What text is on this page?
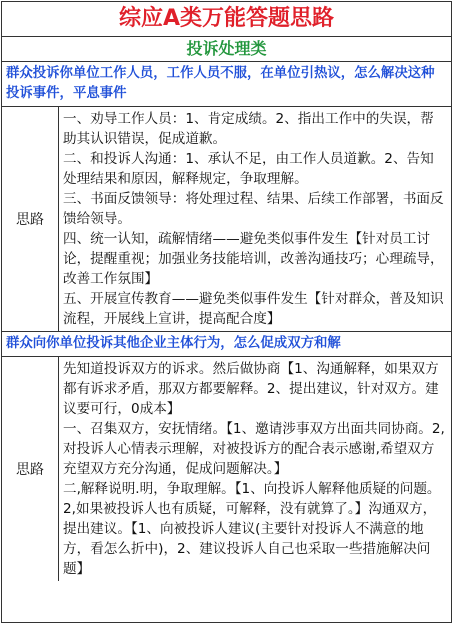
综应A类万能答题思路
投诉处理类
群众投诉你单位工作人员，工作人员不服，在单位引热议，怎么解决这种投诉事件，平息事件
思路

一、劝导工作人员：1、肯定成绩。2、指出工作中的失误，帮助其认识错误，促成道歉。

二、和投诉人沟通：1、承认不足，由工作人员道歉。2、告知处理结果和原因，解释规定，争取理解。

三、书面反馈领导：将处理过程、结果、后续工作部署，书面反馈给领导。

四、统一认知，疏解情绪——避免类似事件发生【针对员工讨论，提醒重视；加强业务技能培训，改善沟通技巧；心理疏导，改善工作氛围】

五、开展宣传教育——避免类似事件发生【针对群众，普及知识流程，开展线上宣讲，提高配合度】

群众向你单位投诉其他企业主体行为，怎么促成双方和解
思路

先知道投诉双方的诉求。然后做协商【1、沟通解释，如果双方都有诉求矛盾，那双方都要解释。2、提出建议，针对双方。建议要可行，0成本】

一、召集双方，安抚情绪。【1、邀请涉事双方出面共同协商。2,对投诉人心情表示理解，对被投诉方的配合表示感谢,希望双方充望双方充分沟通，促成问题解决。】

二,解释说明.明，争取理解。【1、向投诉人解释他质疑的问题。2,如果被投诉人也有质疑，可解释，没有就算了。】沟通双方，提出建议。【1、向被投诉人建议(主要针对投诉人不满意的地方，看怎么折中)，2、建议投诉人自己也采取一些措施解决问题】
